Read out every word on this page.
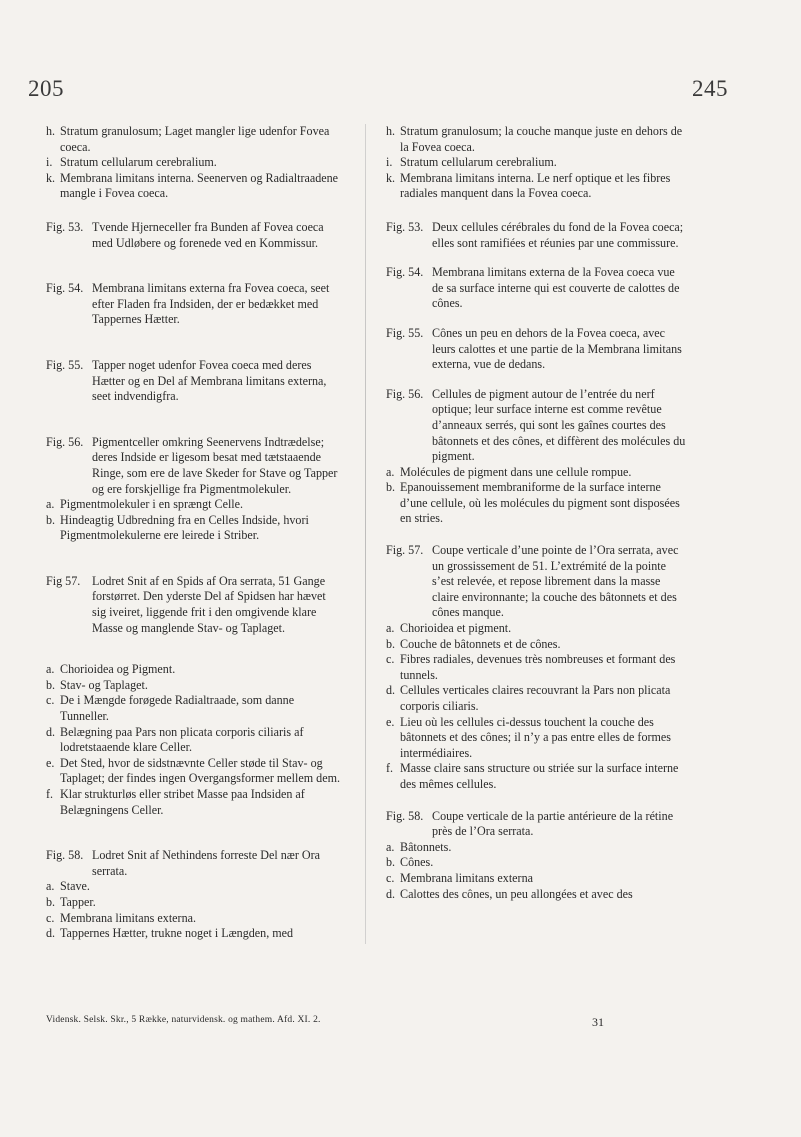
205	245
h. Stratum granulosum; Laget mangler lige udenfor Fovea coeca.
i. Stratum cellularum cerebralium.
k. Membrana limitans interna. Seenerven og Radialtraadene mangle i Fovea coeca.
Fig. 53. Tvende Hjerneceller fra Bunden af Fovea coeca med Udløbere og forenede ved en Kommissur.
Fig. 54. Membrana limitans externa fra Fovea coeca, seet efter Fladen fra Indsiden, der er bedækket med Tappernes Hætter.
Fig. 55. Tapper noget udenfor Fovea coeca med deres Hætter og en Del af Membrana limitans externa, seet indvendigfra.
Fig. 56. Pigmentceller omkring Seenervens Indtrædelse; deres Indside er ligesom besat med tætstaaende Ringe, som ere de lave Skeder for Stave og Tapper og ere forskjellige fra Pigmentmolekuler.
a. Pigmentmolekuler i en sprængt Celle.
b. Hindeagtig Udbredning fra en Celles Indside, hvori Pigmentmolekulerne ere leirede i Striber.
Fig 57. Lodret Snit af en Spids af Ora serrata, 51 Gange forstørret. Den yderste Del af Spidsen har hævet sig iveiret, liggende frit i den omgivende klare Masse og manglende Stav- og Taplaget.
a. Chorioidea og Pigment.
b. Stav- og Taplaget.
c. De i Mængde forøgede Radialtraade, som danne Tunneller.
d. Belægning paa Pars non plicata corporis ciliaris af lodretstaaende klare Celler.
e. Det Sted, hvor de sidstnævnte Celler støde til Stav- og Taplaget; der findes ingen Overgangsformer mellem dem.
f. Klar strukturløs eller stribet Masse paa Indsiden af Belægningens Celler.
Fig. 58. Lodret Snit af Nethindens forreste Del nær Ora serrata.
a. Stave.
b. Tapper.
c. Membrana limitans externa.
d. Tappernes Hætter, trukne noget i Længden, med
h. Stratum granulosum; la couche manque juste en dehors de la Fovea coeca.
i. Stratum cellularum cerebralium.
k. Membrana limitans interna. Le nerf optique et les fibres radiales manquent dans la Fovea coeca.
Fig. 53. Deux cellules cérébrales du fond de la Fovea coeca; elles sont ramifiées et réunies par une commissure.
Fig. 54. Membrana limitans externa de la Fovea coeca vue de sa surface interne qui est couverte de calottes de cônes.
Fig. 55. Cônes un peu en dehors de la Fovea coeca, avec leurs calottes et une partie de la Membrana limitans externa, vue de dedans.
Fig. 56. Cellules de pigment autour de l’entrée du nerf optique; leur surface interne est comme revêtue d’anneaux serrés, qui sont les gaînes courtes des bâtonnets et des cônes, et diffèrent des molécules du pigment.
a. Molécules de pigment dans une cellule rompue.
b. Epanouissement membraniforme de la surface interne d’une cellule, où les molécules du pigment sont disposées en stries.
Fig. 57. Coupe verticale d’une pointe de l’Ora serrata, avec un grossissement de 51. L’extrémité de la pointe s’est relevée, et repose librement dans la masse claire environnante; la couche des bâtonnets et des cônes manque.
a. Chorioidea et pigment.
b. Couche de bâtonnets et de cônes.
c. Fibres radiales, devenues très nombreuses et formant des tunnels.
d. Cellules verticales claires recouvrant la Pars non plicata corporis ciliaris.
e. Lieu où les cellules ci-dessus touchent la couche des bâtonnets et des cônes; il n’y a pas entre elles de formes intermédiaires.
f. Masse claire sans structure ou striée sur la surface interne des mêmes cellules.
Fig. 58. Coupe verticale de la partie antérieure de la rétine près de l’Ora serrata.
a. Bâtonnets.
b. Cônes.
c. Membrana limitans externa
d. Calottes des cônes, un peu allongées et avec des
Vidensk. Selsk. Skr., 5 Række, naturvidensk. og mathem. Afd. XI. 2.	31
